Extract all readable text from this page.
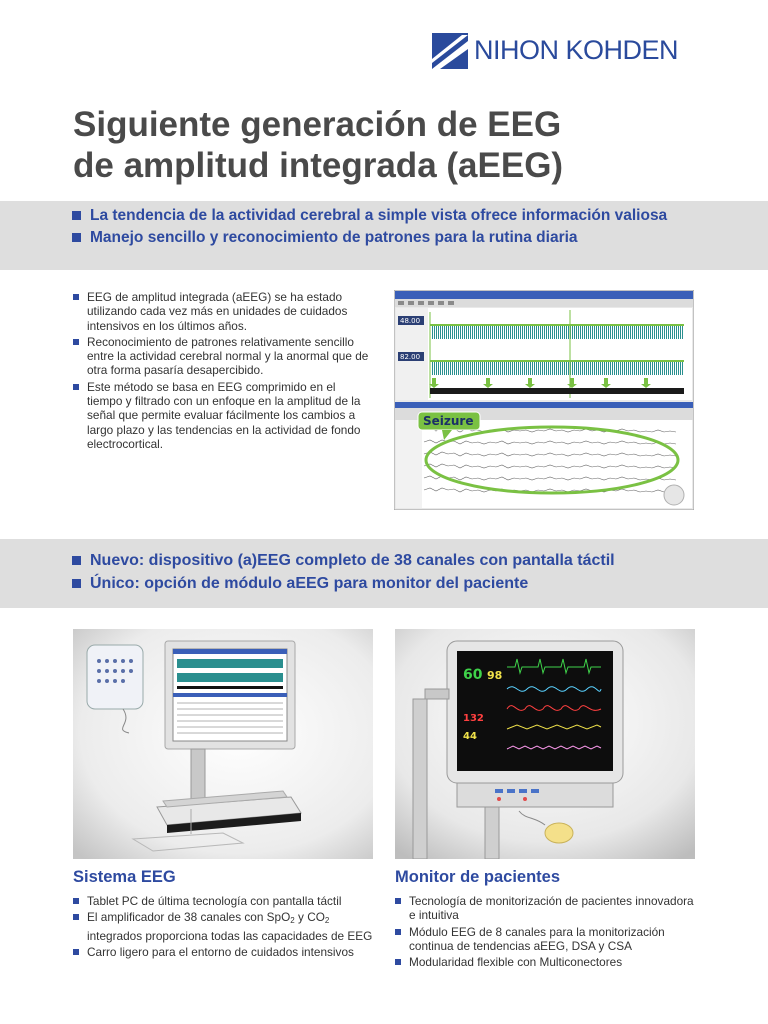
NIHON KOHDEN
Siguiente generación de EEG
de amplitud integrada (aEEG)
La tendencia de la actividad cerebral a simple vista ofrece información valiosa
Manejo sencillo y reconocimiento de patrones para la rutina diaria
EEG de amplitud integrada (aEEG) se ha estado utilizando cada vez más en unidades de cuidados intensivos en los últimos años.
Reconocimiento de patrones relativamente sencillo entre la actividad cerebral normal y la anormal que de otra forma pasaría desapercibido.
Este método se basa en EEG comprimido en el tiempo y filtrado con un enfoque en la amplitud de la señal que permite evaluar fácilmente los cambios a largo plazo y las tendencias en la actividad de fondo electrocortical.
48.00
82.00
Seizure
Nuevo: dispositivo (a)EEG completo de 38 canales con pantalla táctil
Único: opción de módulo aEEG para monitor del paciente
60 98
132
44
Sistema EEG
Tablet PC de última tecnología con pantalla táctil
El amplificador de 38 canales con SpO$_2$ y $CO_2$ integrados proporciona todas las capacidades de EEG
Carro ligero para el entorno de cuidados intensivos
Monitor de pacientes
Tecnología de monitorización de pacientes innovadora e intuitiva
Módulo EEG de 8 canales para la monitorización continua de tendencias aEEG, DSA y CSA
Modularidad flexible con Multiconectores
